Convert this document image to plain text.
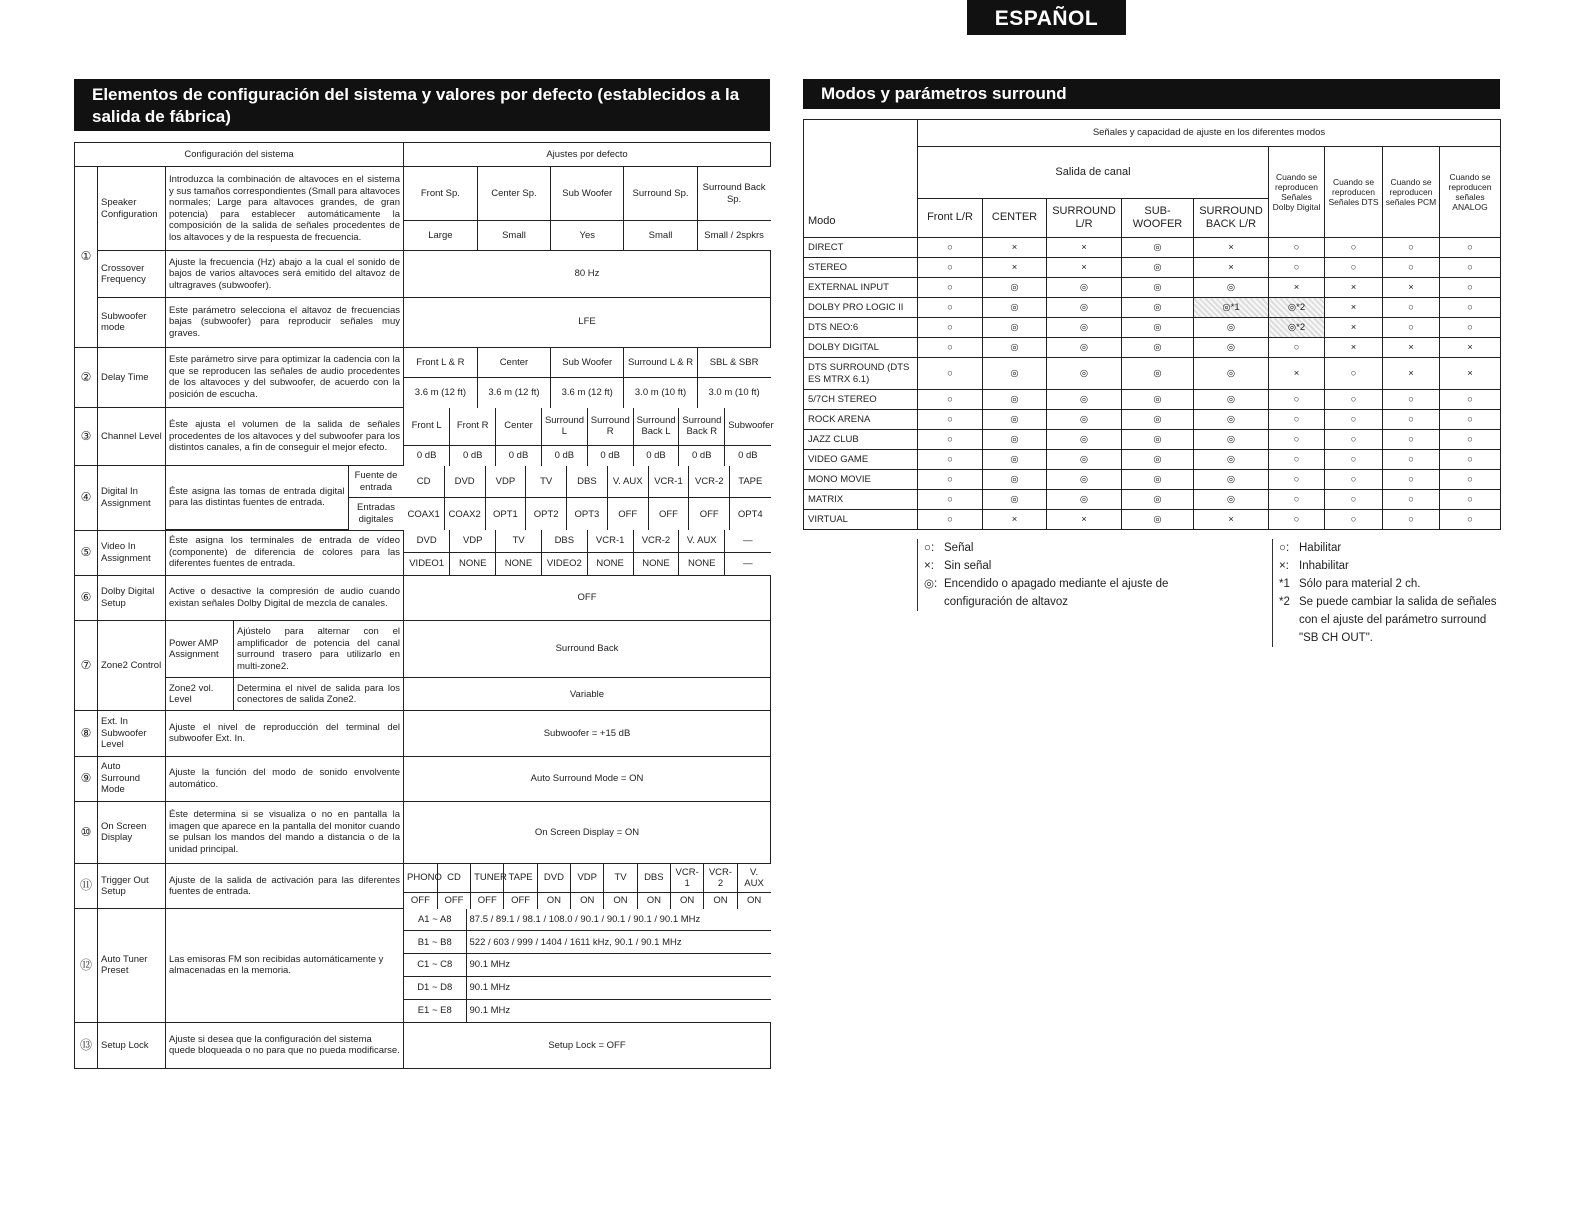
ESPAÑOL
Elementos de configuración del sistema y valores por defecto (establecidos a la salida de fábrica)
Modos y parámetros surround
Configuración del sistema	Ajustes por defecto
①	Speaker Configuration	Introduzca la combinación de altavoces en el sistema y sus tamaños correspondientes (Small para altavoces normales; Large para altavoces grandes, de gran potencia) para establecer automáticamente la composición de la salida de señales procedentes de los altavoces y de la respuesta de frecuencia.	
Front Sp.	Center Sp.	Sub Woofer	Surround Sp.	Surround Back Sp.
Large	Small	Yes	Small	Small / 2spkrs

Crossover Frequency	Ajuste la frecuencia (Hz) abajo a la cual el sonido de bajos de varios altavoces será emitido del altavoz de ultragraves (subwoofer).	80 Hz
Subwoofer mode	Este parámetro selecciona el altavoz de frecuencias bajas (subwoofer) para reproducir señales muy graves.	LFE
②	Delay Time	Este parámetro sirve para optimizar la cadencia con la que se reproducen las señales de audio procedentes de los altavoces y del subwoofer, de acuerdo con la posición de escucha.	
Front L & R	Center	Sub Woofer	Surround L & R	SBL & SBR
3.6 m (12 ft)	3.6 m (12 ft)	3.6 m (12 ft)	3.0 m (10 ft)	3.0 m (10 ft)

③	Channel Level	Éste ajusta el volumen de la salida de señales procedentes de los altavoces y del subwoofer para los distintos canales, a fin de conseguir el mejor efecto.	
Front L	Front R	Center	Surround L	Surround R	Surround Back L	Surround Back R	Subwoofer
0 dB	0 dB	0 dB	0 dB	0 dB	0 dB	0 dB	0 dB

④	Digital In Assignment	
Éste asigna las tomas de entrada digital para las distintas fuentes de entrada.	Fuente de entrada
Entradas digitales

CD	DVD	VDP	TV	DBS	V. AUX	VCR-1	VCR-2	TAPE
COAX1	COAX2	OPT1	OPT2	OPT3	OFF	OFF	OFF	OPT4

⑤	Video In Assignment	Éste asigna los terminales de entrada de vídeo (componente) de diferencia de colores para las diferentes fuentes de entrada.	
DVD	VDP	TV	DBS	VCR-1	VCR-2	V. AUX	—
VIDEO1	NONE	NONE	VIDEO2	NONE	NONE	NONE	—

⑥	Dolby Digital Setup	Active o desactive la compresión de audio cuando existan señales Dolby Digital de mezcla de canales.	OFF
⑦	Zone2 Control	Power AMP Assignment	Ajústelo para alternar con el amplificador de potencia del canal surround trasero para utilizarlo en multi-zone2.	Surround Back
Zone2 vol. Level	Determina el nivel de salida para los conectores de salida Zone2.	Variable
⑧	Ext. In Subwoofer Level	Ajuste el nivel de reproducción del terminal del subwoofer Ext. In.	Subwoofer = +15 dB
⑨	Auto Surround Mode	Ajuste la función del modo de sonido envolvente automático.	Auto Surround Mode = ON
⑩	On Screen Display	Éste determina si se visualiza o no en pantalla la imagen que aparece en la pantalla del monitor cuando se pulsan los mandos del mando a distancia o de la unidad principal.	On Screen Display = ON
⑪	Trigger Out Setup	Ajuste de la salida de activación para las diferentes fuentes de entrada.	
PHONO	CD	TUNER	TAPE	DVD	VDP	TV	DBS	VCR-1	VCR-2	V. AUX
OFF	OFF	OFF	OFF	ON	ON	ON	ON	ON	ON	ON

⑫	Auto Tuner Preset	Las emisoras FM son recibidas automáticamente y almacenadas en la memoria.	
A1 ~ A8	87.5 / 89.1 / 98.1 / 108.0 / 90.1 / 90.1 / 90.1 / 90.1 MHz
B1 ~ B8	522 / 603 / 999 / 1404 / 1611 kHz, 90.1 / 90.1 MHz
C1 ~ C8	90.1 MHz
D1 ~ D8	90.1 MHz
E1 ~ E8	90.1 MHz

⑬	Setup Lock	Ajuste si desea que la configuración del sistema quede bloqueada o no para que no pueda modificarse.	Setup Lock = OFF
Modo	Señales y capacidad de ajuste en los diferentes modos								
	Salida de canal					Cuando se reproducen Señales Dolby Digital	Cuando se reproducen Señales DTS	Cuando se reproducen señales PCM	Cuando se reproducen señales ANALOG
	Front L/R	CENTER	SURROUND L/R	SUB-WOOFER	SURROUND BACK L/R				
DIRECT	○	×	×	◎	×	○	○	○	○
STEREO	○	×	×	◎	×	○	○	○	○
EXTERNAL INPUT	○	◎	◎	◎	◎	×	×	×	○
DOLBY PRO LOGIC II	○	◎	◎	◎	◎*1	◎*2	×	○	○
DTS NEO:6	○	◎	◎	◎	◎	◎*2	×	○	○
DOLBY DIGITAL	○	◎	◎	◎	◎	○	×	×	×
DTS SURROUND (DTS ES MTRX 6.1)	○	◎	◎	◎	◎	×	○	×	×
5/7CH STEREO	○	◎	◎	◎	◎	○	○	○	○
ROCK ARENA	○	◎	◎	◎	◎	○	○	○	○
JAZZ CLUB	○	◎	◎	◎	◎	○	○	○	○
VIDEO GAME	○	◎	◎	◎	◎	○	○	○	○
MONO MOVIE	○	◎	◎	◎	◎	○	○	○	○
MATRIX	○	◎	◎	◎	◎	○	○	○	○
VIRTUAL	○	×	×	◎	×	○	○	○	○
○: Señal
×: Sin señal
◎: Encendido o apagado mediante el ajuste de configuración de altavoz
○: Habilitar
×: Inhabilitar
*1 Sólo para material 2 ch.
*2 Se puede cambiar la salida de señales con el ajuste del parámetro surround "SB CH OUT".
